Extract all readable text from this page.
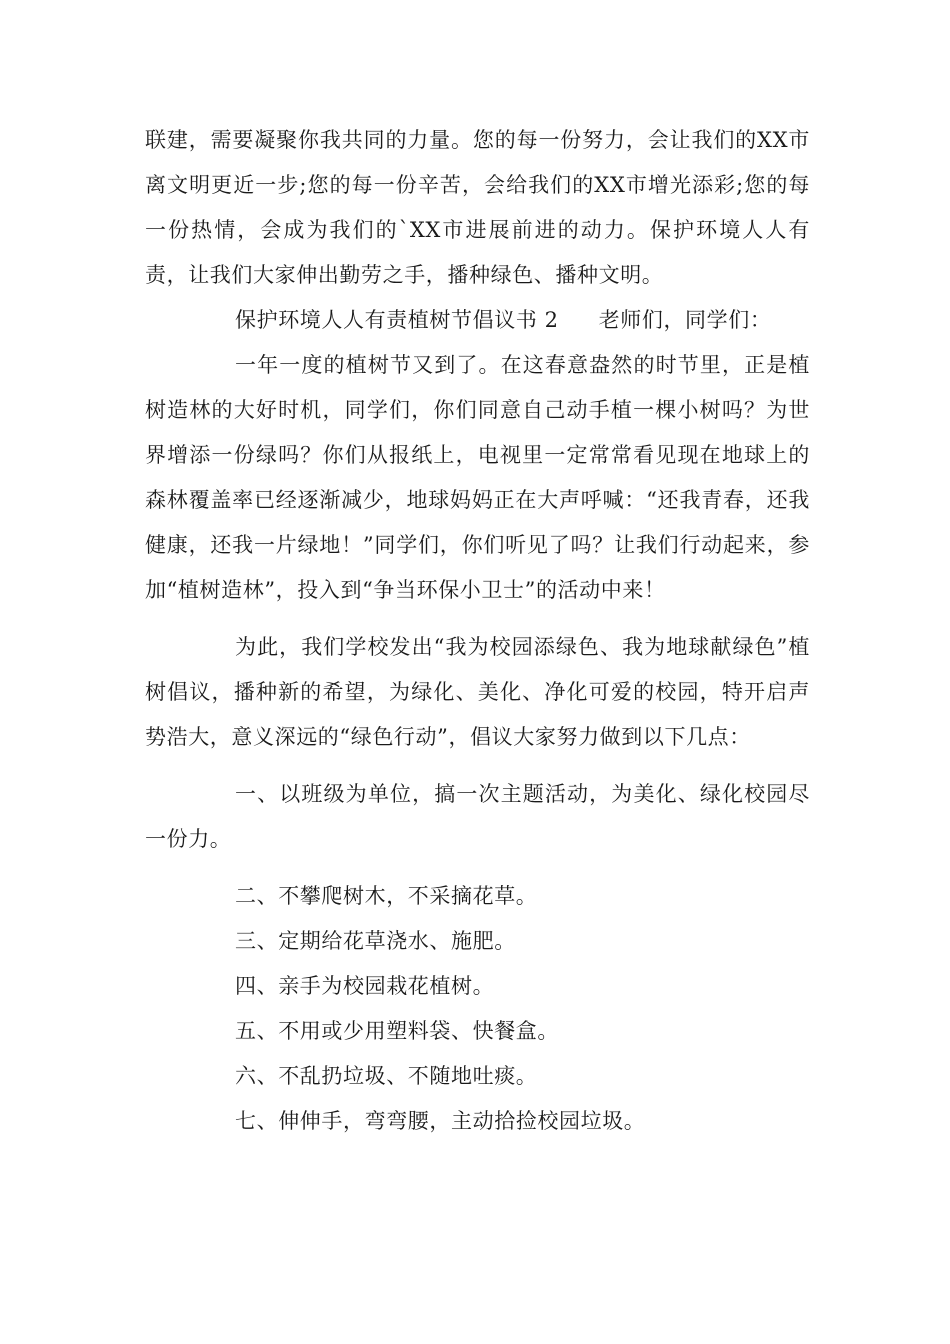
联建，需要凝聚你我共同的力量。您的每一份努力，会让我们的XX市离文明更近一步;您的每一份辛苦，会给我们的XX市增光添彩;您的每一份热情，会成为我们的`XX市进展前进的动力。保护环境人人有责，让我们大家伸出勤劳之手，播种绿色、播种文明。

保护环境人人有责植树节倡议书 2 老师们，同学们：

一年一度的植树节又到了。在这春意盎然的时节里，正是植树造林的大好时机，同学们，你们同意自己动手植一棵小树吗？为世界增添一份绿吗？你们从报纸上，电视里一定常常看见现在地球上的森林覆盖率已经逐渐减少，地球妈妈正在大声呼喊：“还我青春，还我健康，还我一片绿地！”同学们，你们听见了吗？让我们行动起来，参加“植树造林”，投入到“争当环保小卫士”的活动中来！

为此，我们学校发出“我为校园添绿色、我为地球献绿色”植树倡议，播种新的希望，为绿化、美化、净化可爱的校园，特开启声势浩大，意义深远的“绿色行动”，倡议大家努力做到以下几点：

一、以班级为单位，搞一次主题活动，为美化、绿化校园尽一份力。

二、不攀爬树木，不采摘花草。

三、定期给花草浇水、施肥。

四、亲手为校园栽花植树。

五、不用或少用塑料袋、快餐盒。

六、不乱扔垃圾、不随地吐痰。

七、伸伸手，弯弯腰，主动拾捡校园垃圾。
